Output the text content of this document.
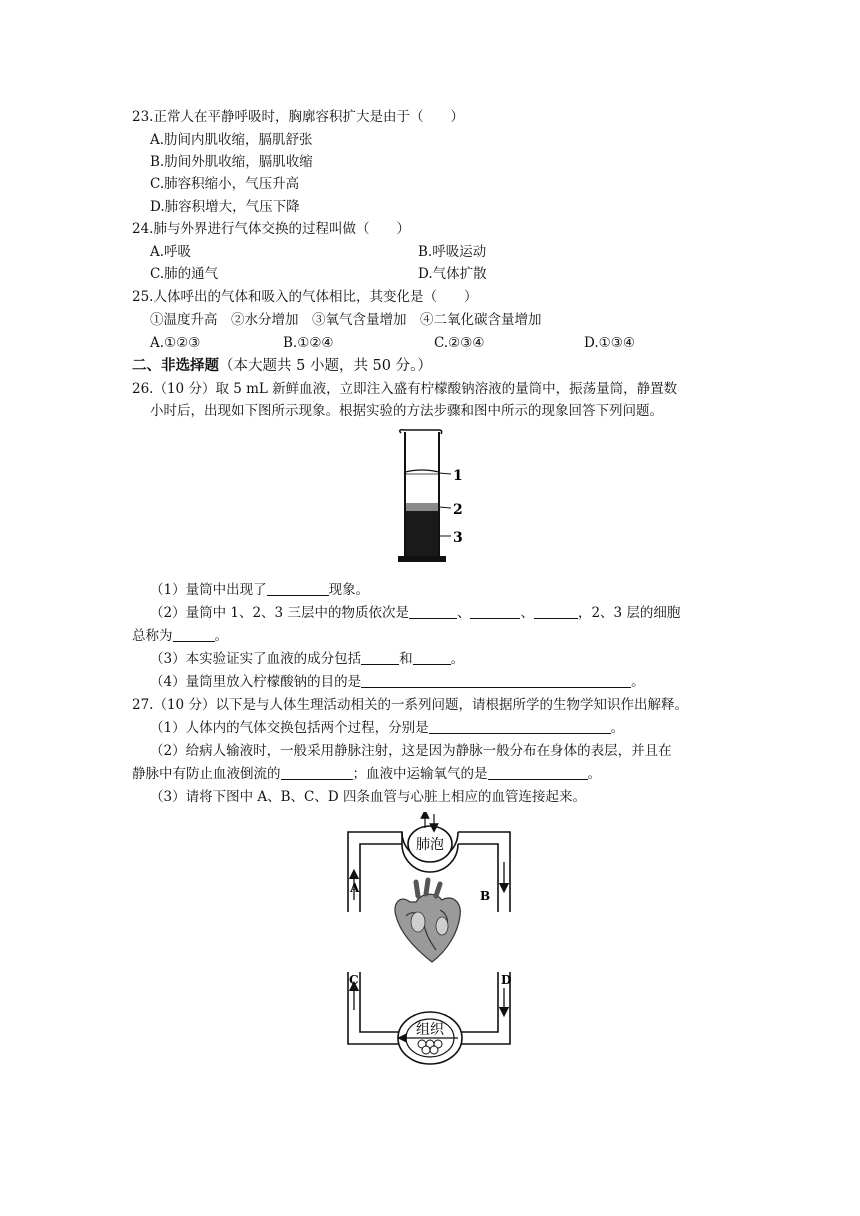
23.正常人在平静呼吸时，胸廓容积扩大是由于（　　）
A.肋间内肌收缩，膈肌舒张
B.肋间外肌收缩，膈肌收缩
C.肺容积缩小，气压升高
D.肺容积增大，气压下降
24.肺与外界进行气体交换的过程叫做（　　）
A.呼吸	B.呼吸运动
C.肺的通气	D.气体扩散
25.人体呼出的气体和吸入的气体相比，其变化是（　　）
①温度升高　②水分增加　③氧气含量增加　④二氧化碳含量增加
A.①②③	B.①②④	C.②③④	D.①③④
二、非选择题（本大题共 5 小题，共 50 分。）
26.（10 分）取 5 mL 新鲜血液，立即注入盛有柠檬酸钠溶液的量筒中，振荡量筒，静置数
小时后，出现如下图所示现象。根据实验的方法步骤和图中所示的现象回答下列问题。
1
2
3
（1）量筒中出现了	现象。
（2）量筒中 1、2、3 三层中的物质依次是	、	、	，2、3 层的细胞
总称为	。
（3）本实验证实了血液的成分包括	和	。
（4）量筒里放入柠檬酸钠的目的是	。
27.（10 分）以下是与人体生理活动相关的一系列问题，请根据所学的生物学知识作出解释。
（1）人体内的气体交换包括两个过程，分别是	。
（2）给病人输液时，一般采用静脉注射，这是因为静脉一般分布在身体的表层，并且在
静脉中有防止血液倒流的	；血液中运输氧气的是	。
（3）请将下图中 A、B、C、D 四条血管与心脏上相应的血管连接起来。
肺泡
A
B
组织
C	D
